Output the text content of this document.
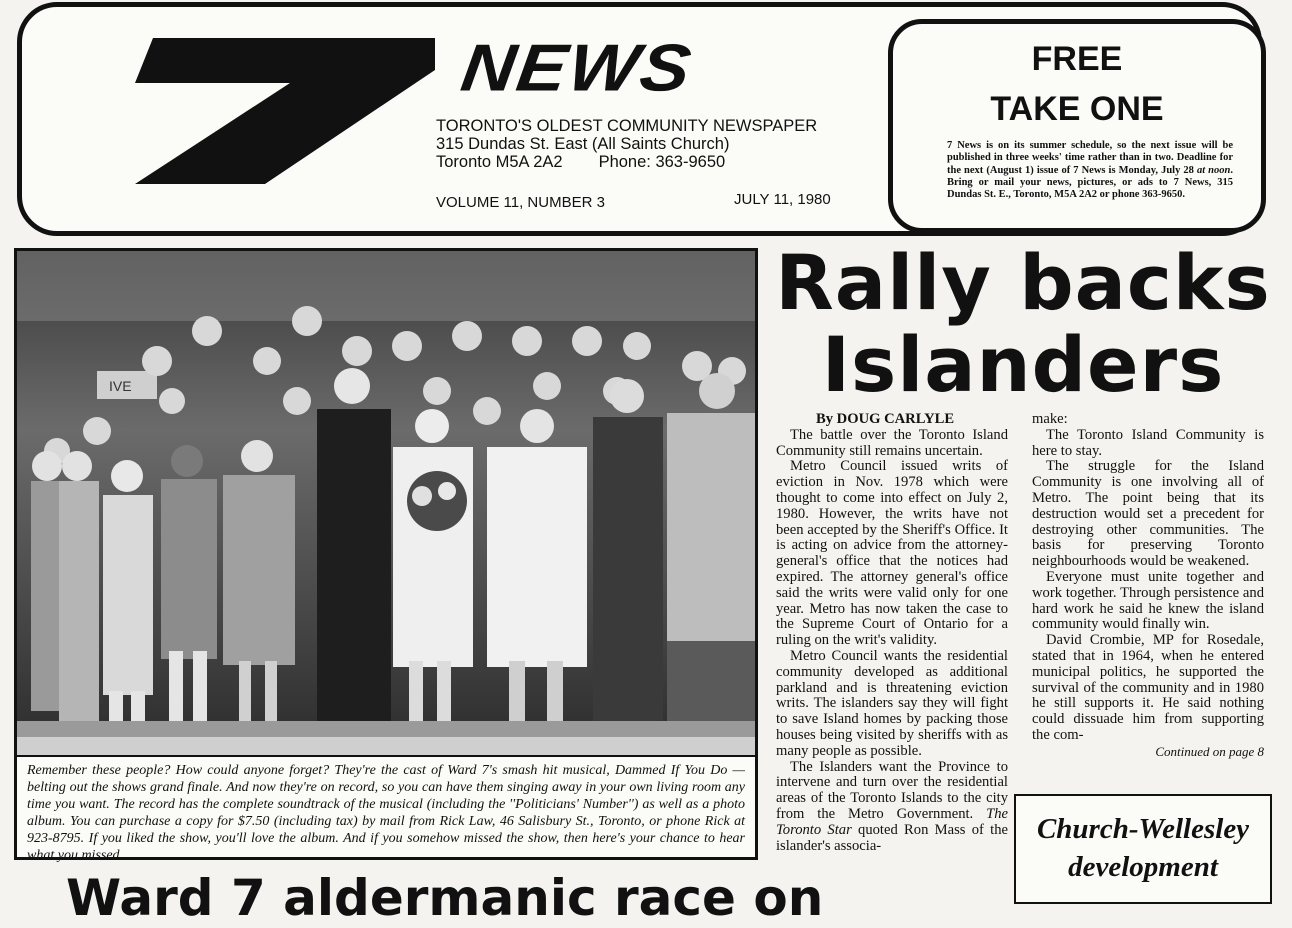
NEWS
TORONTO'S OLDEST COMMUNITY NEWSPAPER
315 Dundas St. East (All Saints Church)
Toronto M5A 2A2 Phone: 363-9650
VOLUME 11, NUMBER 3	JULY 11, 1980
FREE
TAKE ONE
7 News is on its summer schedule, so the next issue will be published in three weeks' time rather than in two. Deadline for the next (August 1) issue of 7 News is Monday, July 28 at noon. Bring or mail your news, pictures, or ads to 7 News, 315 Dundas St. E., Toronto, M5A 2A2 or phone 363-9650.
IVE
Remember these people? How could anyone forget? They're the cast of Ward 7's smash hit musical, Dammed If You Do — belting out the shows grand finale. And now they're on record, so you can have them singing away in your own living room any time you want. The record has the complete soundtrack of the musical (including the ''Politicians' Number'') as well as a photo album. You can purchase a copy for $7.50 (including tax) by mail from Rick Law, 46 Salisbury St., Toronto, or phone Rick at 923-8795. If you liked the show, you'll love the album. And if you somehow missed the show, then here's your chance to hear what you missed.
Rally backs
Islanders

By DOUG CARLYLE

The battle over the Toronto Island Community still remains uncertain.

Metro Council issued writs of eviction in Nov. 1978 which were thought to come into effect on July 2, 1980. However, the writs have not been accepted by the Sheriff's Office. It is acting on advice from the attorney-general's office that the notices had expired. The attorney general's office said the writs were valid only for one year. Metro has now taken the case to the Supreme Court of Ontario for a ruling on the writ's validity.

Metro Council wants the residential community developed as additional parkland and is threatening eviction writs. The islanders say they will fight to save Island homes by packing those houses being visited by sheriffs with as many people as possible.

The Islanders want the Province to intervene and turn over the residential areas of the Toronto Islands to the city from the Metro Government. The Toronto Star quoted Ron Mass of the islander's associa-

make:

The Toronto Island Community is here to stay.

The struggle for the Island Community is one involving all of Metro. The point being that its destruction would set a precedent for destroying other communities. The basis for preserving Toronto neighbourhoods would be weakened.

Everyone must unite together and work together. Through persistence and hard work he said he knew the island community would finally win.

David Crombie, MP for Rosedale, stated that in 1964, when he entered municipal politics, he supported the survival of the community and in 1980 he still supports it. He said nothing could dissuade him from supporting the com-

Continued on page 8

Church-Wellesley
development
Ward 7 aldermanic race on
